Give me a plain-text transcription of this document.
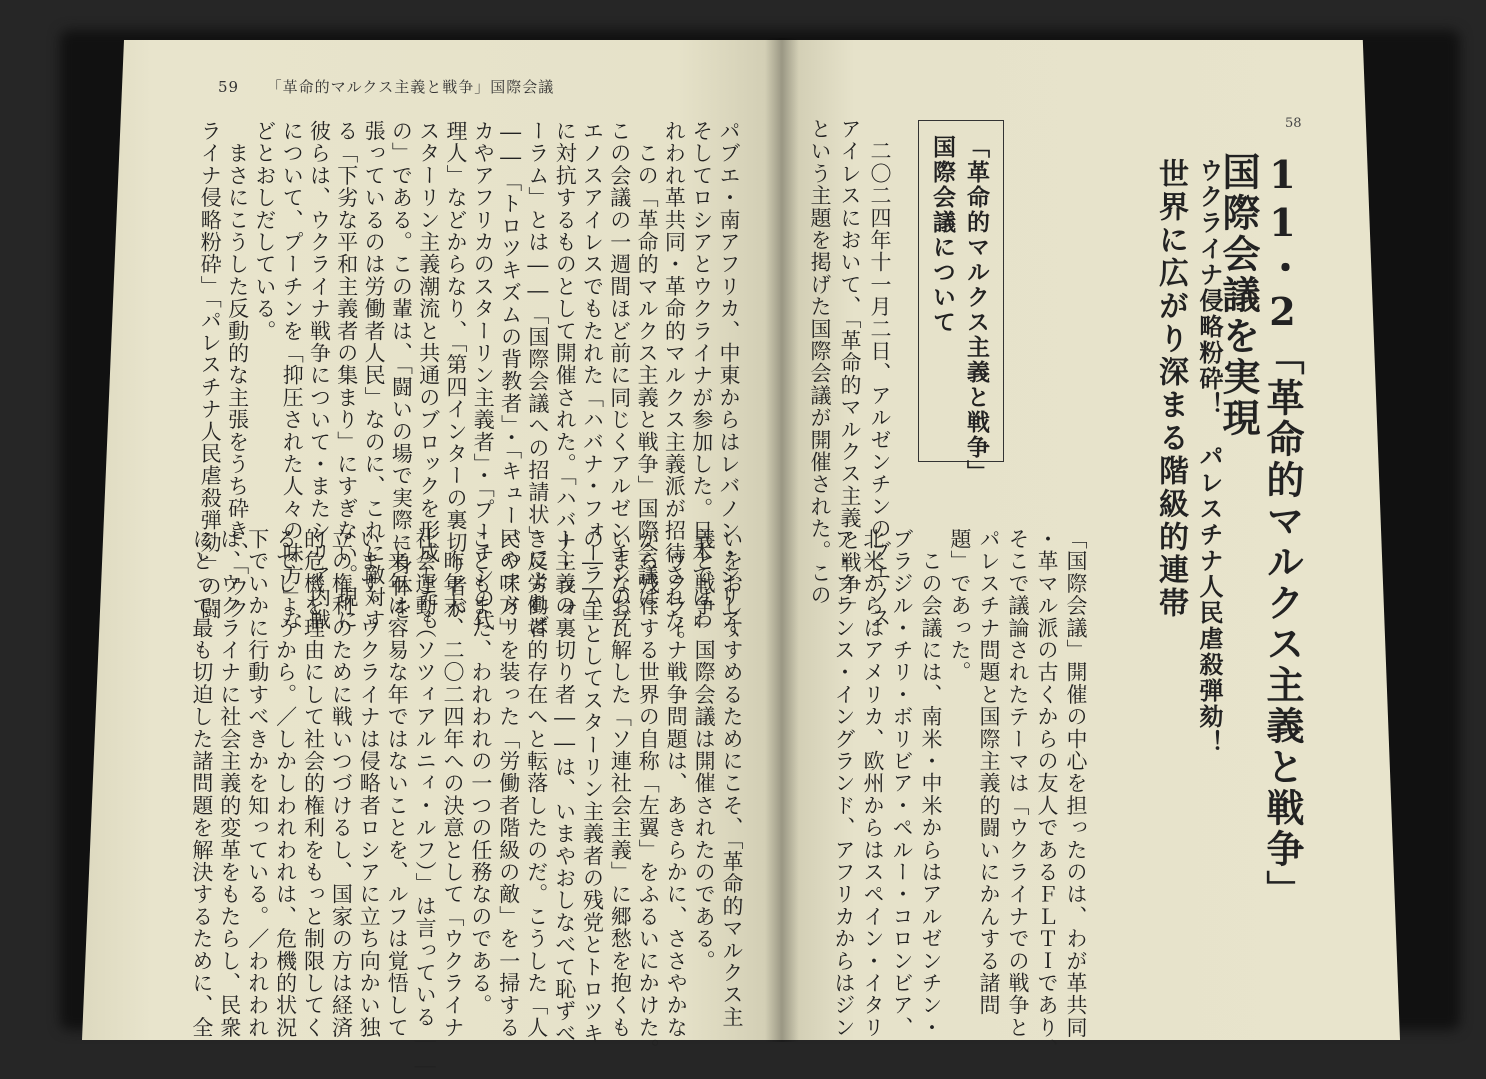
59 　 「革命的マルクス主義と戦争」国際会議
パブエ・南アフリカ、中東からはレバノン・シリア、
そしてロシアとウクライナが参加した。日本ではわ
れわれ革共同・革命的マルクス主義派が招待された。
　この「革命的マルクス主義と戦争」国際会議は、
この会議の一週間ほど前に同じくアルゼンチンのブ
エノスアイレスでもたれた「ハバナ・フォーラム」
に対抗するものとして開催された。「ハバナ・フォ
ーラム」とは――「国際会議への招請状」によれば
――「トロツキズムの背教者」・「キューバやアメリ
カやアフリカのスターリン主義者」・「プーチンの代
理人」などからなり、「第四インターの裏切り者が
スターリン主義潮流と共通のブロックを形成したも
の」である。この輩は、「闘いの場で実際に身体を
張っているのは労働者人民」なのに、これに敵対す
る「下劣な平和主義者の集まり」にすぎない。現に
彼らは、ウクライナ戦争について・またシリア内戦
について、プーチンを「抑圧された人々の味方」な
どとおしだしている。
　まさにこうした反動的な主張をうち砕き、「ウク
ライナ侵略粉砕」「パレスチナ人民虐殺弾劾」の闘
いをおしすすめるためにこそ、「革命的マルクス主
義と戦争」国際会議は開催されたのである。
　ウクライナ戦争問題は、あきらかに、ささやかな
がら残存する世界の自称「左翼」をふるいにかけた。
いまなお瓦解した「ソ連社会主義」に郷愁を抱くも
の――主としてスターリン主義者の残党とトロツキ
ー主義の裏切り者――は、いまやおしなべて恥ずべ
き反労働者的存在へと転落したのだ。こうした「人
民の味方」を装った「労働者階級の敵」を一掃する
こともまた、われわれの一つの任務なのである。
　昨年末、二〇二四年への決意として「ウクライナ
社会運動（ソツィアルニィ・ルフ）」は言っている――
「来年は容易な年ではないことを、ルフは覚悟して
います。ウクライナは侵略者ロシアに立ち向かい独
立の権利のために戦いつづけるし、国家の方は経済
的危機を理由にして社会的権利をもっと制限してく
るでしょうから。／しかしわれわれは、危機的状況
下でいかに行動すべきかを知っている。／われわれ
は、ウクライナに社会主義的変革をもたらし、民衆
にとって最も切迫した諸問題を解決するために、全
58
11・2「革命的マルクス主義と戦争」
国際会議を実現
ウクライナ侵略粉砕！　パレスチナ人民虐殺弾劾！
世界に広がり深まる階級的連帯
「革命的マルクス主義と戦争」
国際会議について
　二〇二四年十一月二日、アルゼンチンのブエノス
アイレスにおいて、「革命的マルクス主義と戦争」
という主題を掲げた国際会議が開催された。この
「国際会議」開催の中心を担ったのは、わが革共同
・革マル派の古くからの友人であるＦＬＴＩであり、
そこで議論されたテーマは「ウクライナでの戦争と
パレスチナ問題と国際主義的闘いにかんする諸問
題」であった。
　この会議には、南米・中米からはアルゼンチン・
ブラジル・チリ・ボリビア・ペルー・コロンビア、
北米からはアメリカ、欧州からはスペイン・イタリ
ア・フランス・イングランド、アフリカからはジン
